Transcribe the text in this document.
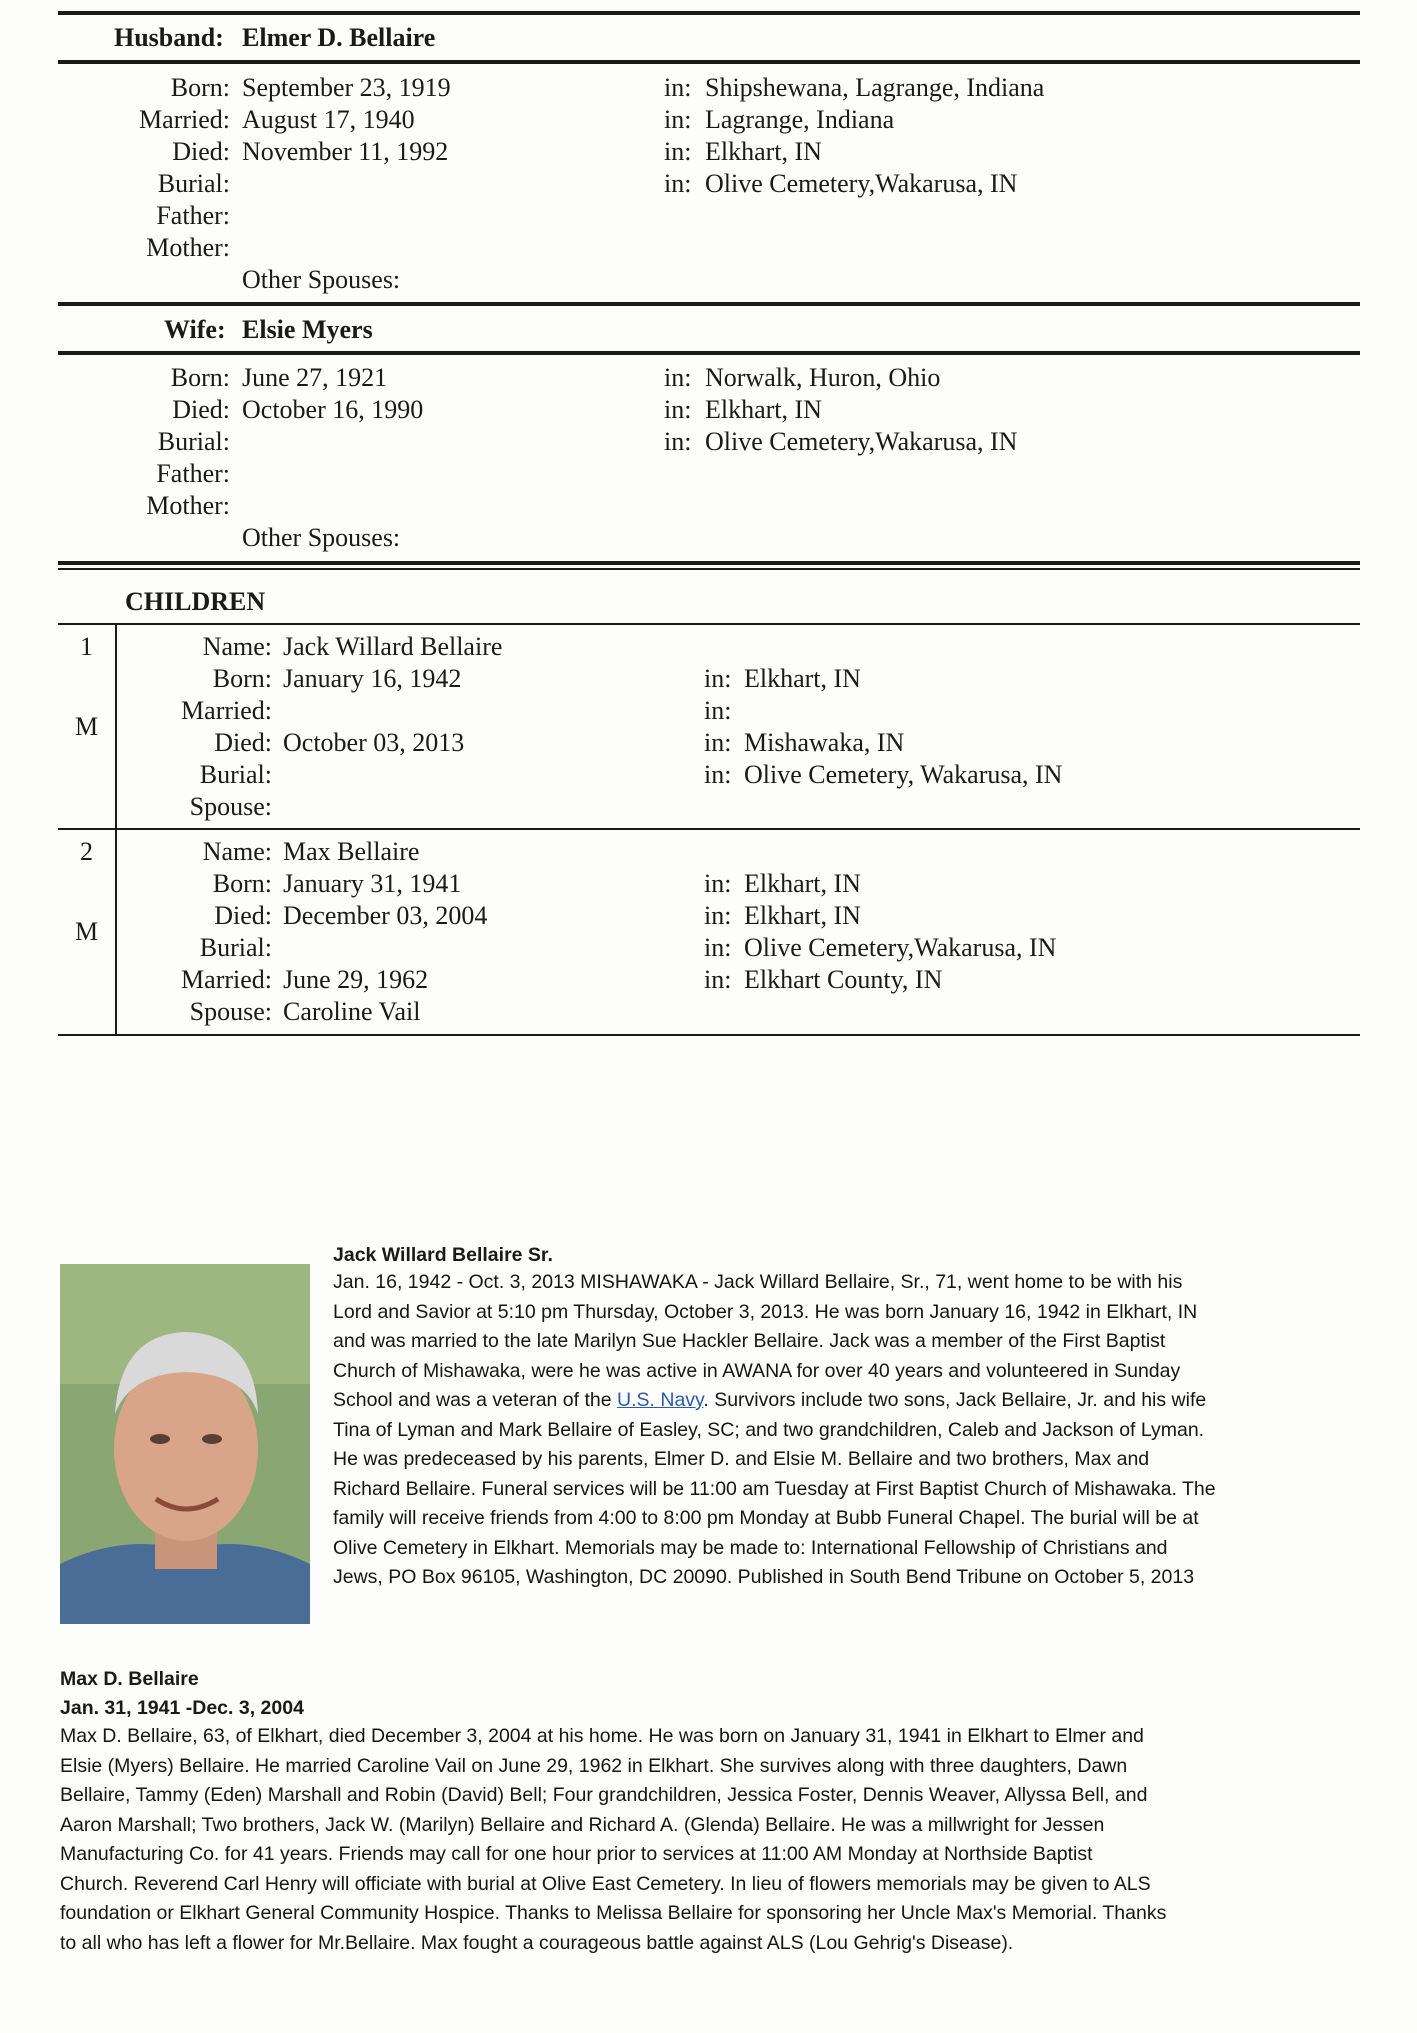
Husband: Elmer D. Bellaire
Born: September 23, 1919	in: Shipshewana, Lagrange, Indiana
Married: August 17, 1940	in: Lagrange, Indiana
Died: November 11, 1992	in: Elkhart, IN
Burial:	in: Olive Cemetery,Wakarusa, IN
Father:
Mother:
Other Spouses:
Wife: Elsie Myers
Born: June 27, 1921	in: Norwalk, Huron, Ohio
Died: October 16, 1990	in: Elkhart, IN
Burial:	in: Olive Cemetery,Wakarusa, IN
Father:
Mother:
Other Spouses:
CHILDREN
1
M
Name: Jack Willard Bellaire
Born: January 16, 1942	in: Elkhart, IN
Married:	in:
Died: October 03, 2013	in: Mishawaka, IN
Burial:	in: Olive Cemetery, Wakarusa, IN
Spouse:
2
M
Name: Max Bellaire
Born: January 31, 1941	in: Elkhart, IN
Died: December 03, 2004	in: Elkhart, IN
Burial:	in: Olive Cemetery,Wakarusa, IN
Married: June 29, 1962	in: Elkhart County, IN
Spouse: Caroline Vail
Jack Willard Bellaire Sr.
Jan. 16, 1942 - Oct. 3, 2013 MISHAWAKA - Jack Willard Bellaire, Sr., 71, went home to be with his
Lord and Savior at 5:10 pm Thursday, October 3, 2013. He was born January 16, 1942 in Elkhart, IN
and was married to the late Marilyn Sue Hackler Bellaire. Jack was a member of the First Baptist
Church of Mishawaka, were he was active in AWANA for over 40 years and volunteered in Sunday
School and was a veteran of the U.S. Navy. Survivors include two sons, Jack Bellaire, Jr. and his wife
Tina of Lyman and Mark Bellaire of Easley, SC; and two grandchildren, Caleb and Jackson of Lyman.
He was predeceased by his parents, Elmer D. and Elsie M. Bellaire and two brothers, Max and
Richard Bellaire. Funeral services will be 11:00 am Tuesday at First Baptist Church of Mishawaka. The
family will receive friends from 4:00 to 8:00 pm Monday at Bubb Funeral Chapel. The burial will be at
Olive Cemetery in Elkhart. Memorials may be made to: International Fellowship of Christians and
Jews, PO Box 96105, Washington, DC 20090. Published in South Bend Tribune on October 5, 2013
Max D. Bellaire
Jan. 31, 1941 -Dec. 3, 2004
Max D. Bellaire, 63, of Elkhart, died December 3, 2004 at his home. He was born on January 31, 1941 in Elkhart to Elmer and
Elsie (Myers) Bellaire. He married Caroline Vail on June 29, 1962 in Elkhart. She survives along with three daughters, Dawn
Bellaire, Tammy (Eden) Marshall and Robin (David) Bell; Four grandchildren, Jessica Foster, Dennis Weaver, Allyssa Bell, and
Aaron Marshall; Two brothers, Jack W. (Marilyn) Bellaire and Richard A. (Glenda) Bellaire. He was a millwright for Jessen
Manufacturing Co. for 41 years. Friends may call for one hour prior to services at 11:00 AM Monday at Northside Baptist
Church. Reverend Carl Henry will officiate with burial at Olive East Cemetery. In lieu of flowers memorials may be given to ALS
foundation or Elkhart General Community Hospice. Thanks to Melissa Bellaire for sponsoring her Uncle Max's Memorial. Thanks
to all who has left a flower for Mr.Bellaire. Max fought a courageous battle against ALS (Lou Gehrig's Disease).
